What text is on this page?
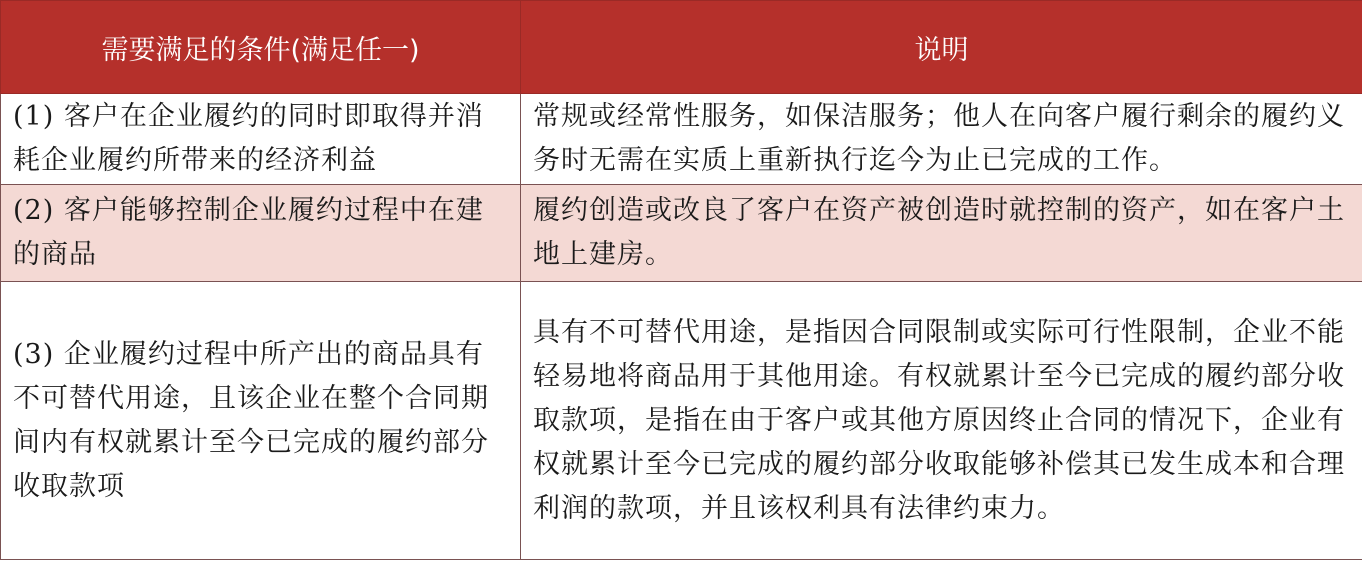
需要满足的条件(满足任一)	说明
(1) 客户在企业履约的同时即取得并消耗企业履约所带来的经济利益	常规或经常性服务，如保洁服务；他人在向客户履行剩余的履约义务时无需在实质上重新执行迄今为止已完成的工作。
(2) 客户能够控制企业履约过程中在建的商品	履约创造或改良了客户在资产被创造时就控制的资产，如在客户土地上建房。
(3) 企业履约过程中所产出的商品具有不可替代用途，且该企业在整个合同期间内有权就累计至今已完成的履约部分收取款项	具有不可替代用途，是指因合同限制或实际可行性限制，企业不能轻易地将商品用于其他用途。有权就累计至今已完成的履约部分收取款项，是指在由于客户或其他方原因终止合同的情况下，企业有权就累计至今已完成的履约部分收取能够补偿其已发生成本和合理利润的款项，并且该权利具有法律约束力。
